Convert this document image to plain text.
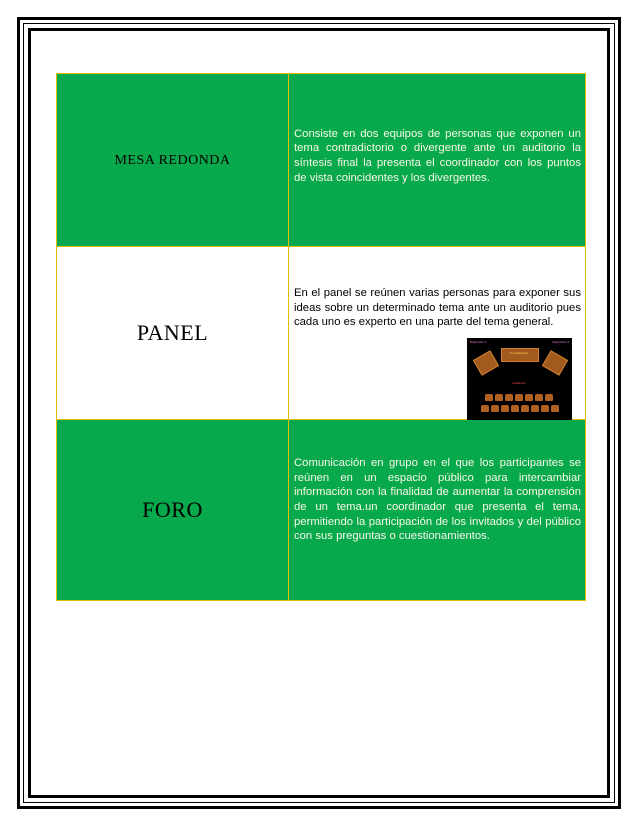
MESA REDONDA	Consiste en dos equipos de personas que exponen un tema contradictorio o divergente ante un auditorio la síntesis final la presenta el coordinador con los puntos de vista coincidentes y los divergentes.

PANEL	En el panel se reúnen varias personas para exponer sus ideas sobre un determinado tema ante un auditorio pues cada uno es experto en una parte del tema general.
Expositor 1 Expositor 2
Coordinador
Auditorio

FORO	Comunicación en grupo en el que los participantes se reúnen en un espacio público para intercambiar información con la finalidad de aumentar la comprensión de un tema.un coordinador que presenta el tema, permitiendo la participación de los invitados y del público con sus preguntas o cuestionamientos.
